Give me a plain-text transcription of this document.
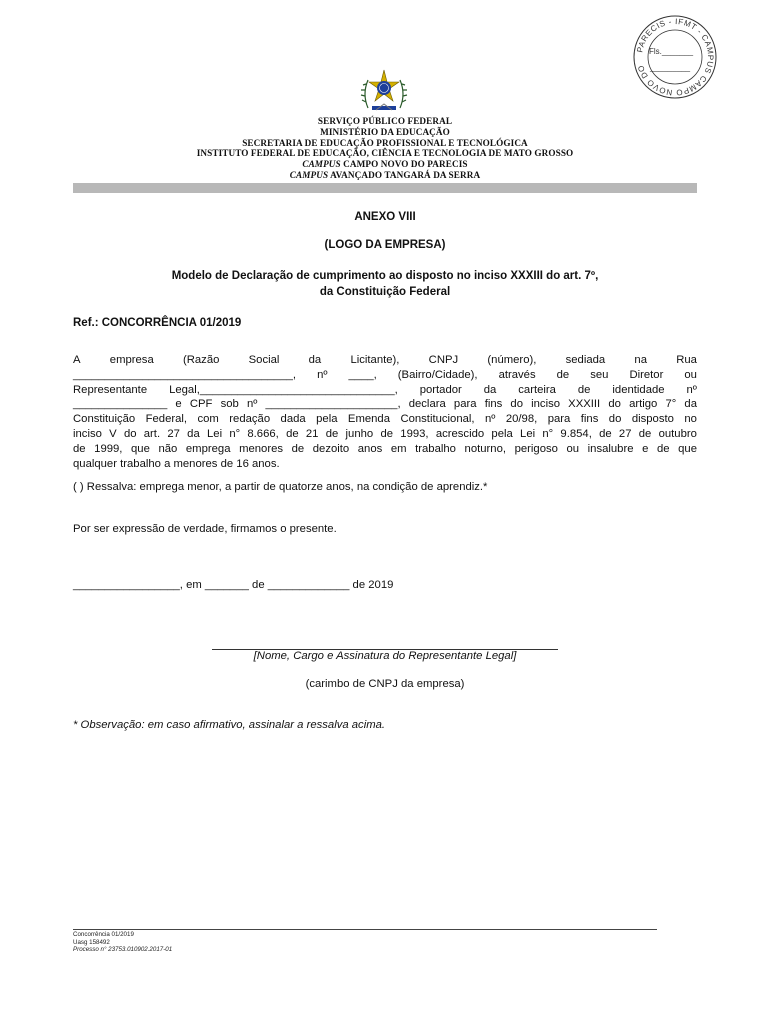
PARECIS - IFMT - CAMPUS CAMPO NOVO DO
Fls._______
_________
SERVIÇO PÚBLICO FEDERAL
MINISTÉRIO DA EDUCAÇÃO
SECRETARIA DE EDUCAÇÃO PROFISSIONAL E TECNOLÓGICA
INSTITUTO FEDERAL DE EDUCAÇÃO, CIÊNCIA E TECNOLOGIA DE MATO GROSSO
CAMPUS CAMPO NOVO DO PARECIS
CAMPUS AVANÇADO TANGARÁ DA SERRA
ANEXO VIII
(LOGO DA EMPRESA)
Modelo de Declaração de cumprimento ao disposto no inciso XXXIII do art. 7º,
da Constituição Federal
Ref.: CONCORRÊNCIA 01/2019
A	empresa	(Razão	Social	da	Licitante),	CNPJ	(número),	sediada	na	Rua
___________________________________, nº ____, (Bairro/Cidade), através de seu Diretor ou
Representante Legal,_______________________________, portador da carteira de identidade nº
_______________ e CPF sob nº _____________________, declara para fins do inciso XXXIII do artigo 7° da
Constituição Federal, com redação dada pela Emenda Constitucional, nº 20/98, para fins do disposto no
inciso V do art. 27 da Lei n° 8.666, de 21 de junho de 1993, acrescido pela Lei n° 9.854, de 27 de outubro
de 1999, que não emprega menores de dezoito anos em trabalho noturno, perigoso ou insalubre e de que
qualquer trabalho a menores de 16 anos.
( ) Ressalva: emprega menor, a partir de quatorze anos, na condição de aprendiz.*
Por ser expressão de verdade, firmamos o presente.
_________________, em _______ de _____________ de 2019
[Nome, Cargo e Assinatura do Representante Legal]
(carimbo de CNPJ da empresa)
* Observação: em caso afirmativo, assinalar a ressalva acima.
Concorrência 01/2019
Uasg 158492
Processo n° 23753.010902.2017-01
